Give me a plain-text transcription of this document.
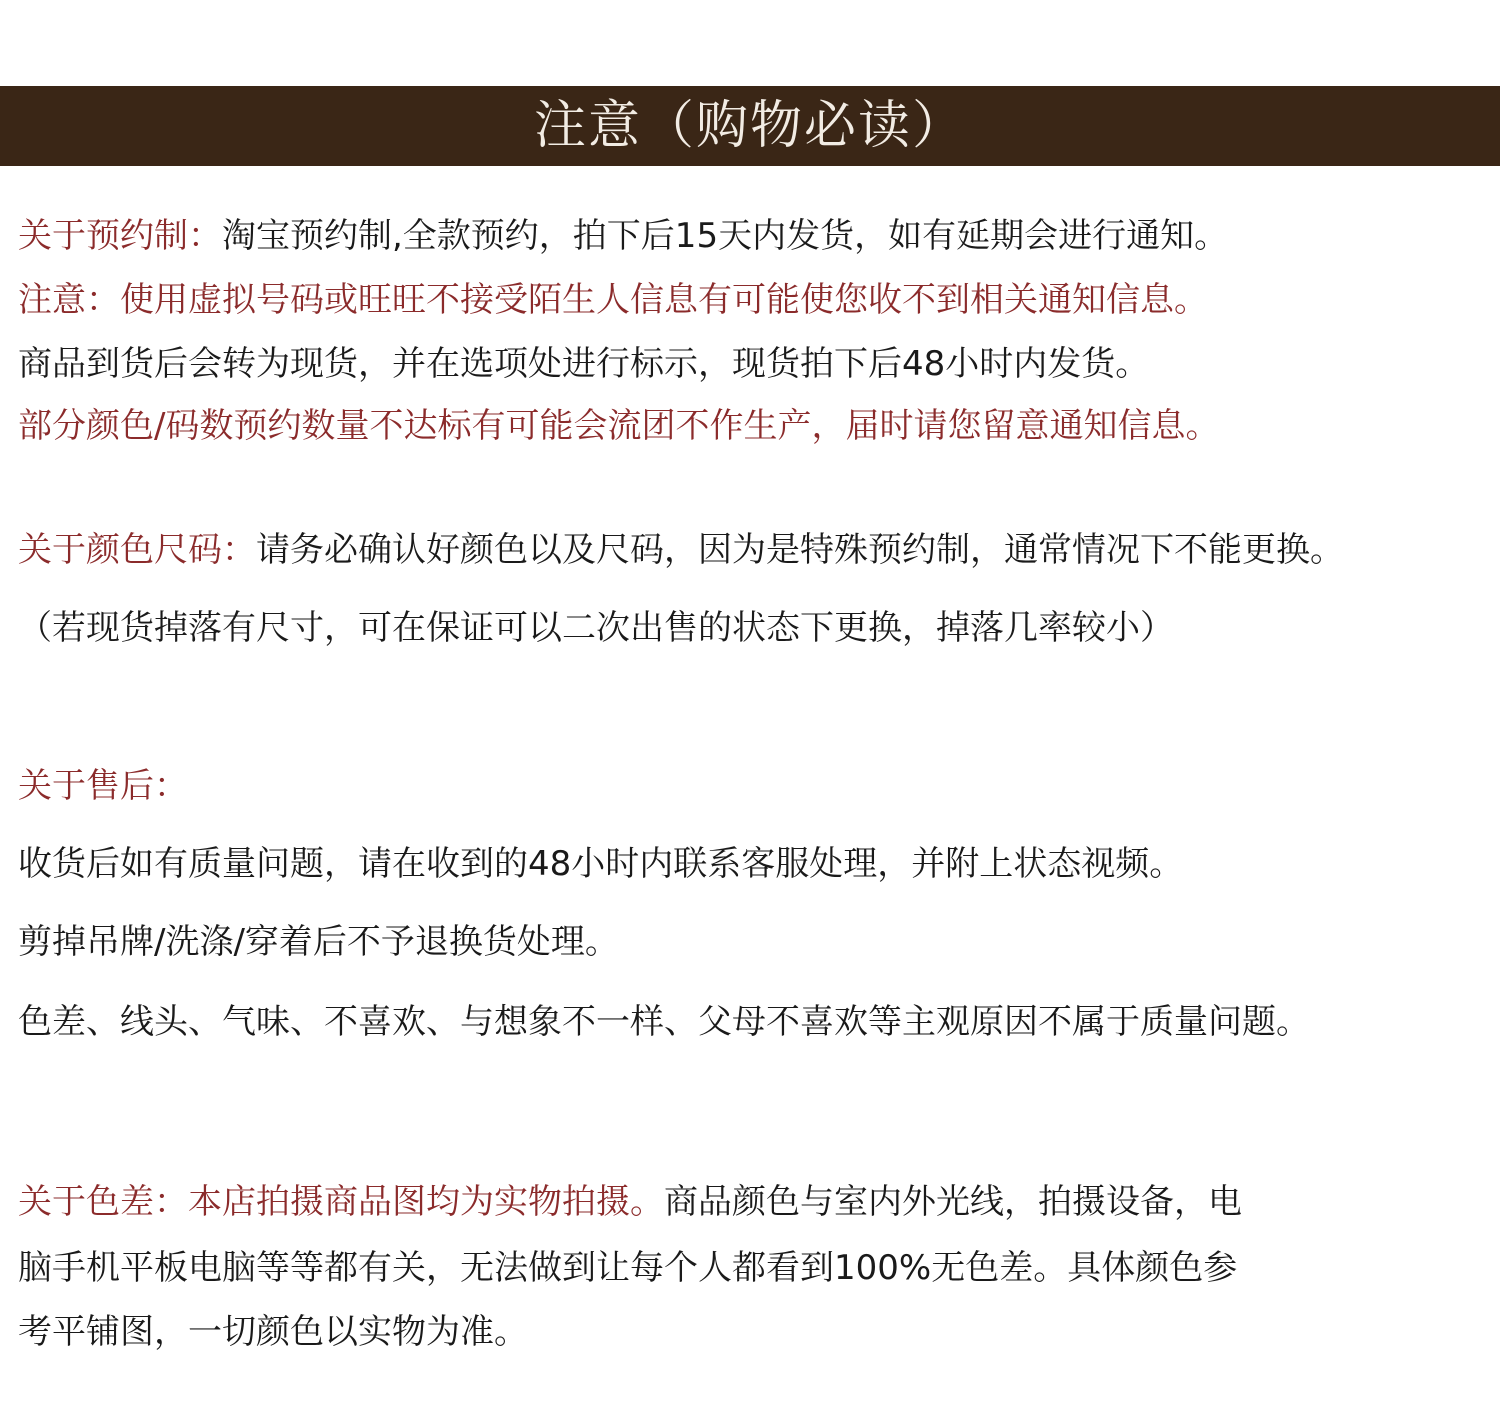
注意（购物必读）
关于预约制：淘宝预约制,全款预约，拍下后15天内发货，如有延期会进行通知。
注意：使用虚拟号码或旺旺不接受陌生人信息有可能使您收不到相关通知信息。
商品到货后会转为现货，并在选项处进行标示，现货拍下后48小时内发货。
部分颜色/码数预约数量不达标有可能会流团不作生产，届时请您留意通知信息。
关于颜色尺码：请务必确认好颜色以及尺码，因为是特殊预约制，通常情况下不能更换。
（若现货掉落有尺寸，可在保证可以二次出售的状态下更换，掉落几率较小）
关于售后：
收货后如有质量问题，请在收到的48小时内联系客服处理，并附上状态视频。
剪掉吊牌/洗涤/穿着后不予退换货处理。
色差、线头、气味、不喜欢、与想象不一样、父母不喜欢等主观原因不属于质量问题。
关于色差：本店拍摄商品图均为实物拍摄。商品颜色与室内外光线，拍摄设备，电
脑手机平板电脑等等都有关，无法做到让每个人都看到100%无色差。具体颜色参
考平铺图，一切颜色以实物为准。
